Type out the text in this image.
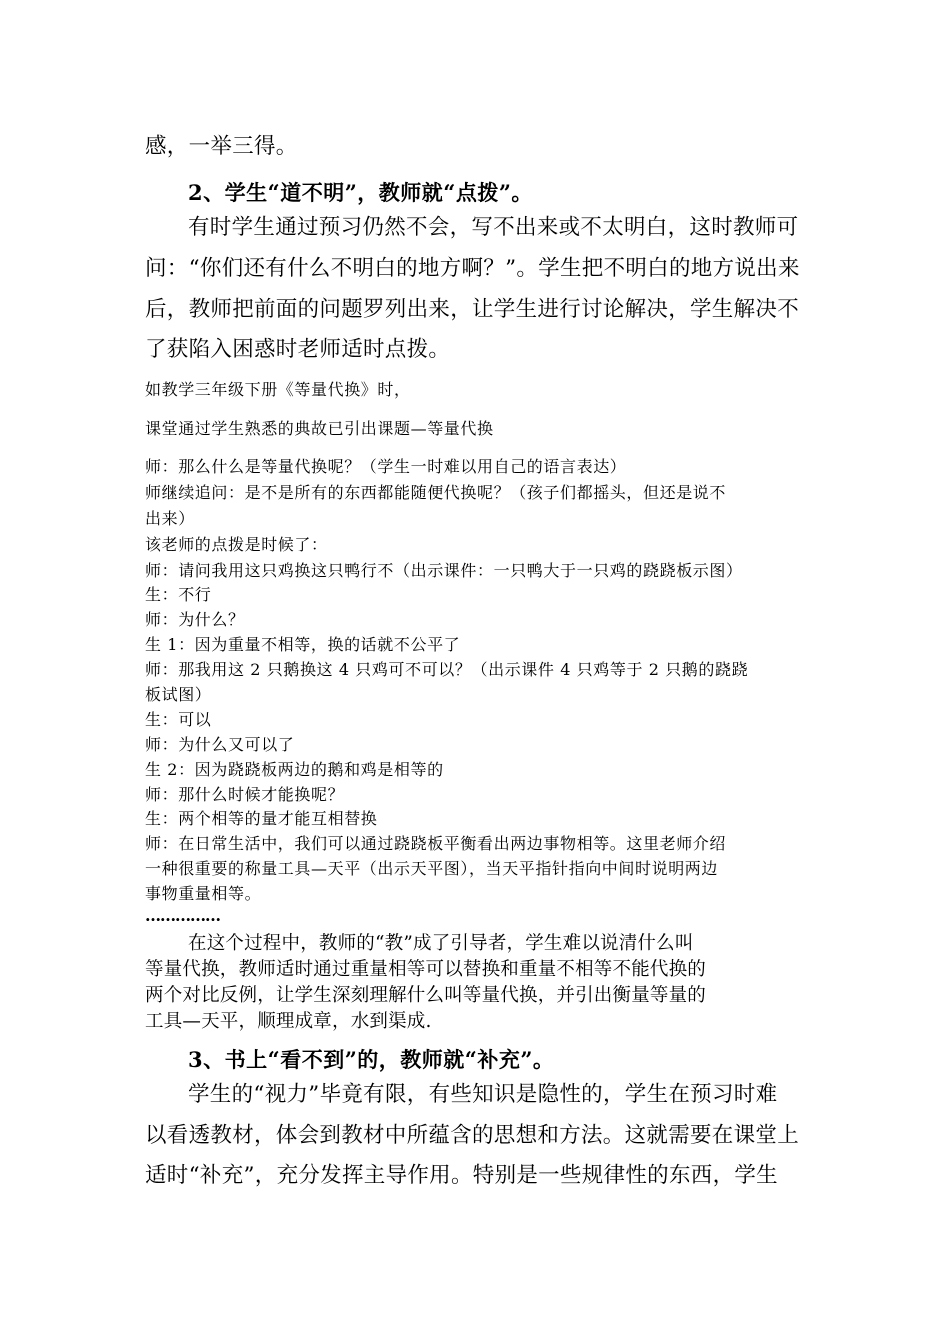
感，一举三得。

2、学生“道不明”，教师就“点拨”。

有时学生通过预习仍然不会，写不出来或不太明白，这时教师可

问：“你们还有什么不明白的地方啊？”。学生把不明白的地方说出来

后，教师把前面的问题罗列出来，让学生进行讨论解决，学生解决不

了获陷入困惑时老师适时点拨。

如教学三年级下册《等量代换》时，

课堂通过学生熟悉的典故已引出课题—等量代换

师：那么什么是等量代换呢？（学生一时难以用自己的语言表达）

师继续追问：是不是所有的东西都能随便代换呢？（孩子们都摇头，但还是说不

出来）

该老师的点拨是时候了：

师：请问我用这只鸡换这只鸭行不（出示课件：一只鸭大于一只鸡的跷跷板示图）

生：不行

师：为什么？

生 1：因为重量不相等，换的话就不公平了

师：那我用这 2 只鹅换这 4 只鸡可不可以？（出示课件 4 只鸡等于 2 只鹅的跷跷

板试图）

生：可以

师：为什么又可以了

生 2：因为跷跷板两边的鹅和鸡是相等的

师：那什么时候才能换呢？

生：两个相等的量才能互相替换

师：在日常生活中，我们可以通过跷跷板平衡看出两边事物相等。这里老师介绍

一种很重要的称量工具—天平（出示天平图），当天平指针指向中间时说明两边

事物重量相等。

……………

在这个过程中，教师的“教”成了引导者，学生难以说清什么叫

等量代换，教师适时通过重量相等可以替换和重量不相等不能代换的

两个对比反例，让学生深刻理解什么叫等量代换，并引出衡量等量的

工具—天平，顺理成章，水到渠成.

3、书上“看不到”的，教师就“补充”。

学生的“视力”毕竟有限，有些知识是隐性的，学生在预习时难

以看透教材，体会到教材中所蕴含的思想和方法。这就需要在课堂上

适时“补充”，充分发挥主导作用。特别是一些规律性的东西，学生
